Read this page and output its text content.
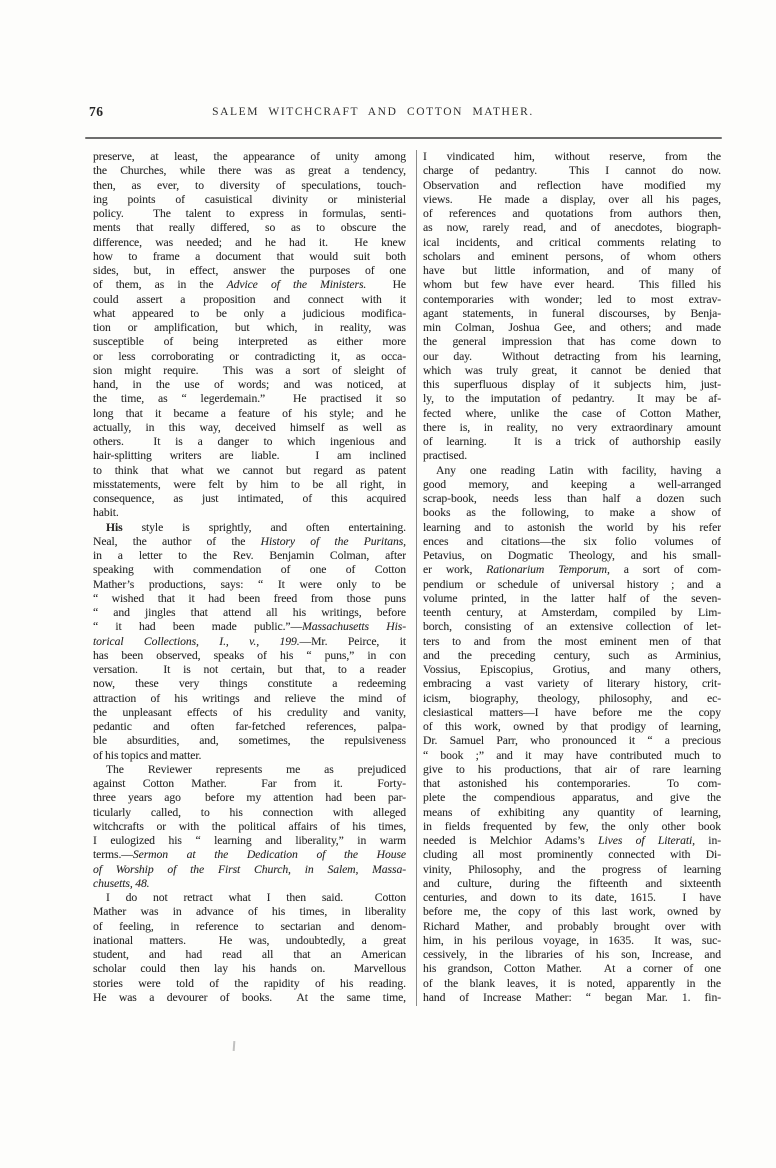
76	SALEM WITCHCRAFT AND COTTON MATHER.
preserve, at least, the appearance of unity among
the Churches, while there was as great a tendency,
then, as ever, to diversity of speculations, touch-
ing points of casuistical divinity or ministerial
policy.  The talent to express in formulas, senti-
ments that really differed, so as to obscure the
difference, was needed; and he had it.  He knew
how to frame a document that would suit both
sides, but, in effect, answer the purposes of one
of them, as in the Advice of the Ministers.  He
could assert a proposition and connect with it
what appeared to be only a judicious modifica-
tion or amplification, but which, in reality, was
susceptible of being interpreted as either more
or less corroborating or contradicting it, as occa-
sion might require.  This was a sort of sleight of
hand, in the use of words; and was noticed, at
the time, as “ legerdemain.”  He practised it so
long that it became a feature of his style; and he
actually, in this way, deceived himself as well as
others.  It is a danger to which ingenious and
hair-splitting writers are liable.  I am inclined
to think that what we cannot but regard as patent
misstatements, were felt by him to be all right, in
consequence, as just intimated, of this acquired
habit.
His style is sprightly, and often entertaining.
Neal, the author of the History of the Puritans,
in a letter to the Rev. Benjamin Colman, after
speaking with commendation of one of Cotton
Mather’s productions, says: “ It were only to be
“ wished that it had been freed from those puns
“ and jingles that attend all his writings, before
“ it had been made public.”—Massachusetts His-
torical Collections, I., v., 199.—Mr. Peirce, it
has been observed, speaks of his “ puns,” in con
versation.  It is not certain, but that, to a reader
now, these very things constitute a redeeming
attraction of his writings and relieve the mind of
the unpleasant effects of his credulity and vanity,
pedantic and often far-fetched references, palpa-
ble absurdities, and, sometimes, the repulsiveness
of his topics and matter.
The Reviewer represents me as prejudiced
against Cotton Mather.  Far from it.  Forty-
three years ago  before my attention had been par-
ticularly called, to his connection with alleged
witchcrafts or with the political affairs of his times,
I eulogized his “ learning and liberality,” in warm
terms.—Sermon at the Dedication of the House
of Worship of the First Church, in Salem, Massa-
chusetts, 48.
I do not retract what I then said.  Cotton
Mather was in advance of his times, in liberality
of feeling, in reference to sectarian and denom-
inational matters.  He was, undoubtedly, a great
student, and had read all that an American
scholar could then lay his hands on.  Marvellous
stories were told of the rapidity of his reading.
He was a devourer of books.  At the same time,
I vindicated him, without reserve, from the
charge of pedantry.  This I cannot do now.
Observation and reflection have modified my
views.  He made a display, over all his pages,
of references and quotations from authors then,
as now, rarely read, and of anecdotes, biograph-
ical incidents, and critical comments relating to
scholars and eminent persons, of whom others
have but little information, and of many of
whom but few have ever heard.  This filled his
contemporaries with wonder; led to most extrav-
agant statements, in funeral discourses, by Benja-
min Colman, Joshua Gee, and others; and made
the general impression that has come down to
our day.  Without detracting from his learning,
which was truly great, it cannot be denied that
this superfluous display of it subjects him, just-
ly, to the imputation of pedantry.  It may be af-
fected where, unlike the case of Cotton Mather,
there is, in reality, no very extraordinary amount
of learning.  It is a trick of authorship easily
practised.
Any one reading Latin with facility, having a
good memory, and keeping a well-arranged
scrap-book, needs less than half a dozen such
books as the following, to make a show of
learning and to astonish the world by his refer
ences and citations—the six folio volumes of
Petavius, on Dogmatic Theology, and his small-
er work, Rationarium Temporum, a sort of com-
pendium or schedule of universal history ; and a
volume printed, in the latter half of the seven-
teenth century, at Amsterdam, compiled by Lim-
borch, consisting of an extensive collection of let-
ters to and from the most eminent men of that
and the preceding century, such as Arminius,
Vossius, Episcopius, Grotius, and many others,
embracing a vast variety of literary history, crit-
icism, biography, theology, philosophy, and ec-
clesiastical matters—I have before me the copy
of this work, owned by that prodigy of learning,
Dr. Samuel Parr, who pronounced it “ a precious
“ book ;” and it may have contributed much to
give to his productions, that air of rare learning
that astonished his contemporaries.  To com-
plete the compendious apparatus, and give the
means of exhibiting any quantity of learning,
in fields frequented by few, the only other book
needed is Melchior Adams’s Lives of Literati, in-
cluding all most prominently connected with Di-
vinity, Philosophy, and the progress of learning
and culture, during the fifteenth and sixteenth
centuries, and down to its date, 1615.  I have
before me, the copy of this last work, owned by
Richard Mather, and probably brought over with
him, in his perilous voyage, in 1635.  It was, suc-
cessively, in the libraries of his son, Increase, and
his grandson, Cotton Mather.  At a corner of one
of the blank leaves, it is noted, apparently in the
hand of Increase Mather: “ began Mar. 1. fin-
